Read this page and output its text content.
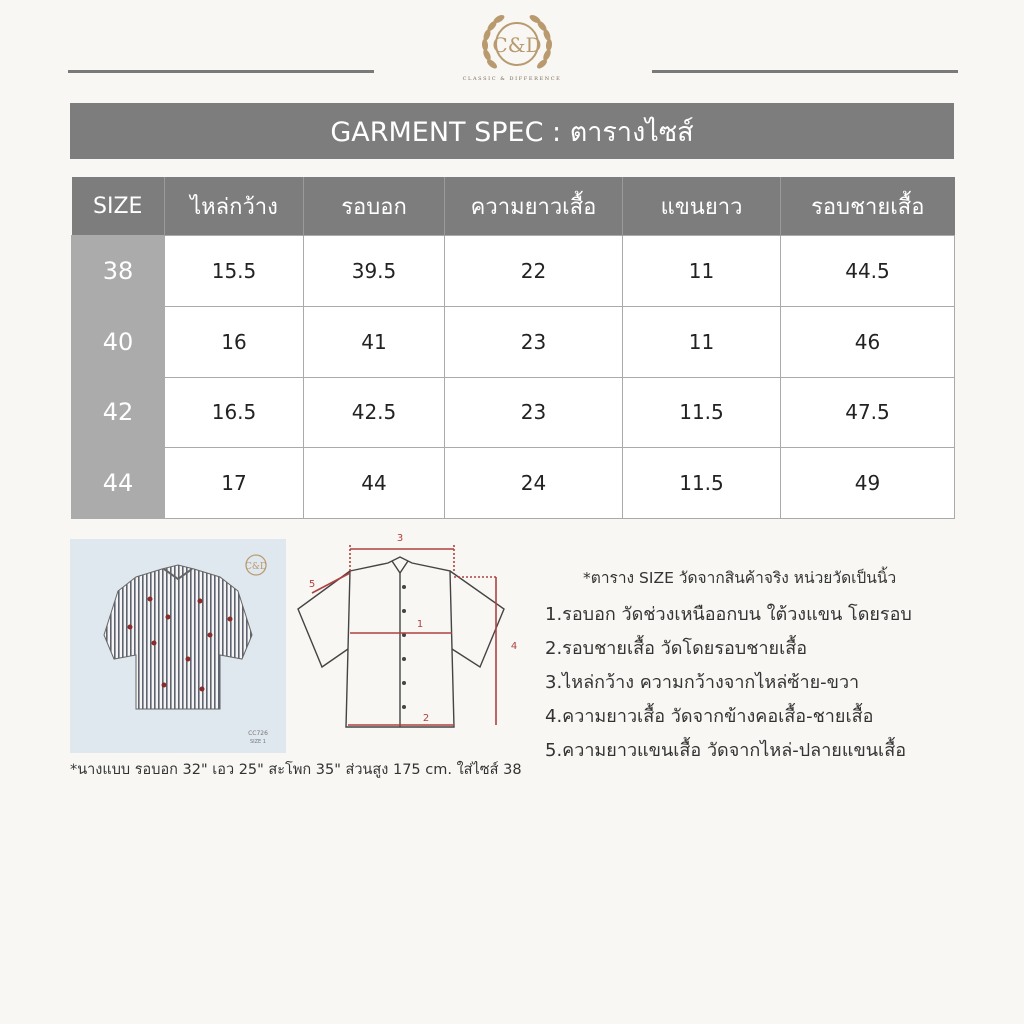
C&D
CLASSIC & DIFFERENCE
GARMENT SPEC : ตารางไซส์
SIZE	ไหล่กว้าง	รอบอก	ความยาวเสื้อ	แขนยาว	รอบชายเสื้อ
38	15.5	39.5	22	11	44.5
40	16	41	23	11	46
42	16.5	42.5	23	11.5	47.5
44	17	44	24	11.5	49
C&D
CC726
SIZE 1
3
1
2
4
5	*ตาราง SIZE วัดจากสินค้าจริง หน่วยวัดเป็นนิ้ว
1.รอบอก วัดช่วงเหนืออกบน ใต้วงแขน โดยรอบ
2.รอบชายเสื้อ วัดโดยรอบชายเสื้อ
3.ไหล่กว้าง ความกว้างจากไหล่ซ้าย-ขวา
4.ความยาวเสื้อ วัดจากข้างคอเสื้อ-ชายเสื้อ
5.ความยาวแขนเสื้อ วัดจากไหล่-ปลายแขนเสื้อ
*นางแบบ รอบอก 32" เอว 25" สะโพก 35" ส่วนสูง 175 cm. ใส่ไซส์ 38
